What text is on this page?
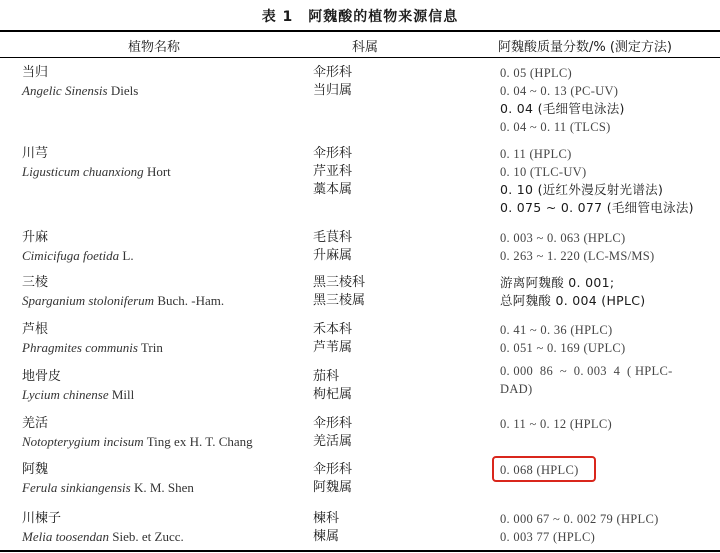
表 1　阿魏酸的植物来源信息
植物名称	科属	阿魏酸质量分数/% (测定方法)
当归
Angelic Sinensis Diels
伞形科
当归属
0. 05 (HPLC)
0. 04 ~ 0. 13 (PC-UV)
0. 04 (毛细管电泳法)
0. 04 ~ 0. 11 (TLCS)
川芎
Ligusticum chuanxiong Hort
伞形科
芹亚科
藁本属
0. 11 (HPLC)
0. 10 (TLC-UV)
0. 10 (近红外漫反射光谱法)
0. 075 ~ 0. 077 (毛细管电泳法)
升麻
Cimicifuga foetida L.
毛茛科
升麻属
0. 003 ~ 0. 063 (HPLC)
0. 263 ~ 1. 220 (LC-MS/MS)
三棱
Sparganium stoloniferum Buch. -Ham.
黑三棱科
黑三棱属
游离阿魏酸 0. 001;
总阿魏酸 0. 004 (HPLC)
芦根
Phragmites communis Trin
禾本科
芦苇属
0. 41 ~ 0. 36 (HPLC)
0. 051 ~ 0. 169 (UPLC)
地骨皮
Lycium chinense Mill
茄科
枸杞属
0. 000  86  ~  0. 003  4  ( HPLC-
DAD)
羌活
Notopterygium incisum Ting ex H. T. Chang
伞形科
羌活属
0. 11 ~ 0. 12 (HPLC)
阿魏
Ferula sinkiangensis K. M. Shen
伞形科
阿魏属
0. 068 (HPLC)
川楝子
Melia toosendan Sieb. et Zucc.
楝科
楝属
0. 000 67 ~ 0. 002 79 (HPLC)
0. 003 77 (HPLC)
